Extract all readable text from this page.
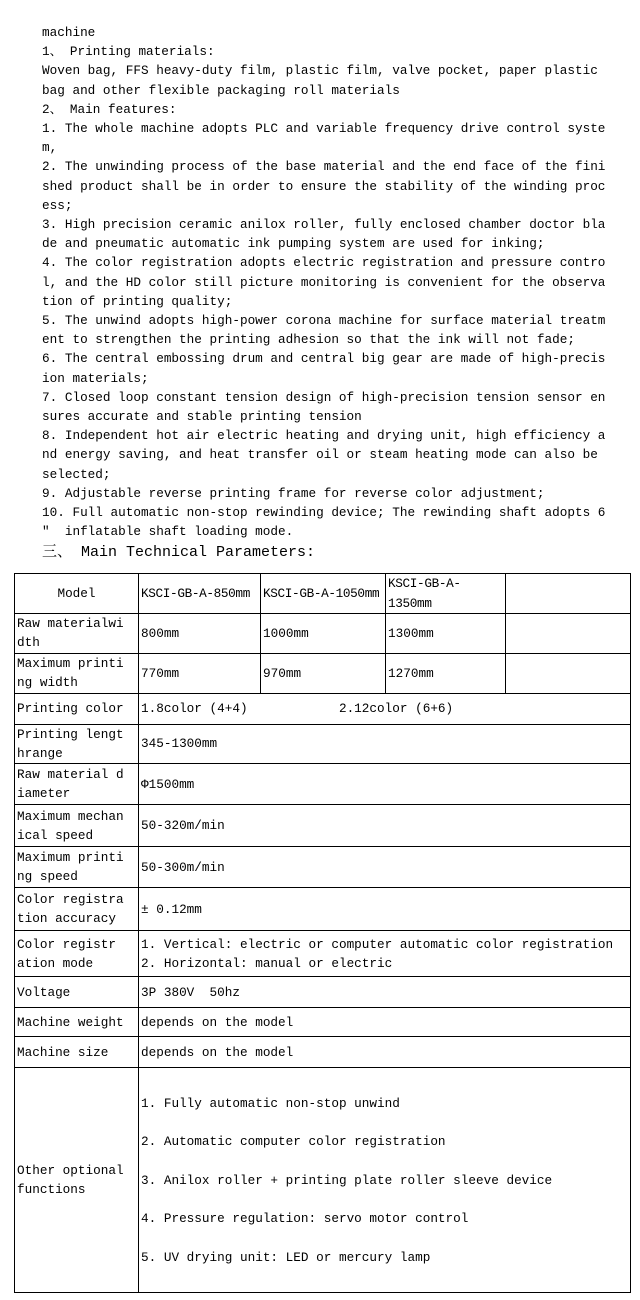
machine
1、 Printing materials:
Woven bag, FFS heavy-duty film, plastic film, valve pocket, paper plastic
bag and other flexible packaging roll materials
2、 Main features:
1. The whole machine adopts PLC and variable frequency drive control syste
m,
2. The unwinding process of the base material and the end face of the fini
shed product shall be in order to ensure the stability of the winding proc
ess;
3. High precision ceramic anilox roller, fully enclosed chamber doctor bla
de and pneumatic automatic ink pumping system are used for inking;
4. The color registration adopts electric registration and pressure contro
l, and the HD color still picture monitoring is convenient for the observa
tion of printing quality;
5. The unwind adopts high-power corona machine for surface material treatm
ent to strengthen the printing adhesion so that the ink will not fade;
6. The central embossing drum and central big gear are made of high-precis
ion materials;
7. Closed loop constant tension design of high-precision tension sensor en
sures accurate and stable printing tension
8. Independent hot air electric heating and drying unit, high efficiency a
nd energy saving, and heat transfer oil or steam heating mode can also be
selected;
9. Adjustable reverse printing frame for reverse color adjustment;
10. Full automatic non-stop rewinding device; The rewinding shaft adopts 6
″  inflatable shaft loading mode.
三、 Main Technical Parameters:
Model	KSCI-GB-A-850mm	KSCI-GB-A-1050mm	KSCI-GB-A-1350mm	
Raw materialwi
dth	800mm	1000mm	1300mm	
Maximum printi
ng width	770mm	970mm	1270mm	
Printing color	1.8color (4+4)            2.12color (6+6)			
Printing lengt
hrange	345-1300mm			
Raw material d
iameter	Φ1500mm			
Maximum mechan
ical speed	50-320m/min			
Maximum printi
ng speed	50-300m/min			
Color registra
tion accuracy	± 0.12mm			
Color registr
ation mode	1. Vertical: electric or computer automatic color registration
2. Horizontal: manual or electric			
Voltage	3P 380V  50hz			
Machine weight	depends on the model			
Machine size	depends on the model			
Other optional
functions	1. Fully automatic non-stop unwind

2. Automatic computer color registration

3. Anilox roller + printing plate roller sleeve device

4. Pressure regulation: servo motor control

5. UV drying unit: LED or mercury lamp			
